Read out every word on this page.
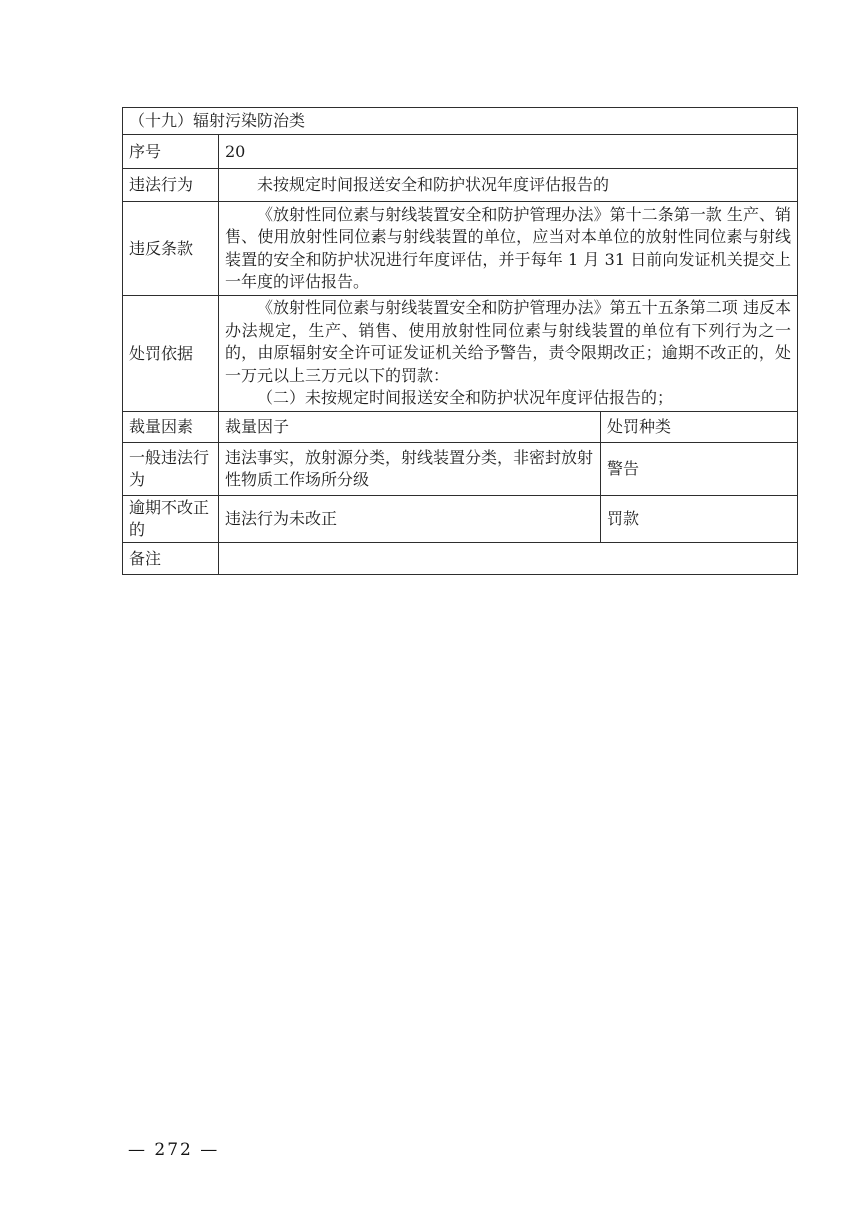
（十九）辐射污染防治类		
序号	20	
违法行为	未按规定时间报送安全和防护状况年度评估报告的	

违反条款	《放射性同位素与射线装置安全和防护管理办法》第十二条第一款 生产、销售、使用放射性同位素与射线装置的单位，应当对本单位的放射性同位素与射线装置的安全和防护状况进行年度评估，并于每年 1 月 31 日前向发证机关提交上一年度的评估报告。	

处罚依据	《放射性同位素与射线装置安全和防护管理办法》第五十五条第二项 违反本办法规定，生产、销售、使用放射性同位素与射线装置的单位有下列行为之一的，由原辐射安全许可证发证机关给予警告，责令限期改正；逾期不改正的，处一万元以上三万元以下的罚款：

（二）未按规定时间报送安全和防护状况年度评估报告的；	

裁量因素	裁量因子	处罚种类
一般违法行为	违法事实，放射源分类，射线装置分类，非密封放射性物质工作场所分级	警告
逾期不改正的	违法行为未改正	罚款
备注		
— 272 —
